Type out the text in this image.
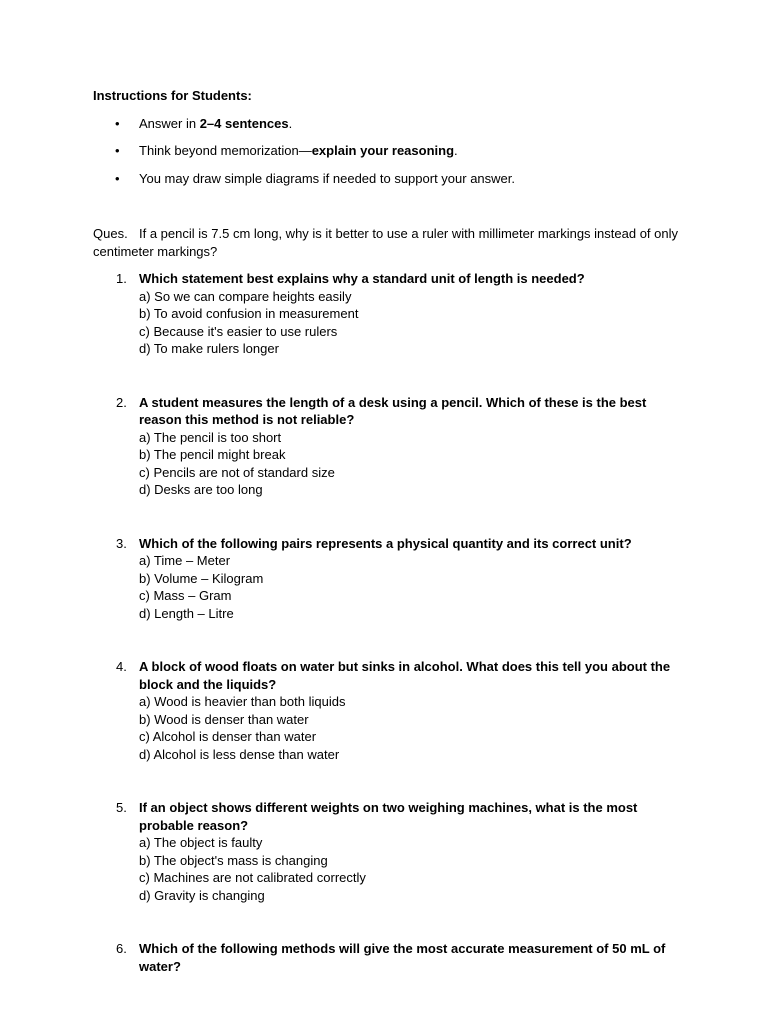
Instructions for Students:

• Answer in 2–4 sentences.
• Think beyond memorization—explain your reasoning.
• You may draw simple diagrams if needed to support your answer.
Ques. If a pencil is 7.5 cm long, why is it better to use a ruler with millimeter markings instead of only centimeter markings?
1. Which statement best explains why a standard unit of length is needed?
a) So we can compare heights easily
b) To avoid confusion in measurement
c) Because it's easier to use rulers
d) To make rulers longer
2. A student measures the length of a desk using a pencil. Which of these is the best reason this method is not reliable?
a) The pencil is too short
b) The pencil might break
c) Pencils are not of standard size
d) Desks are too long
3. Which of the following pairs represents a physical quantity and its correct unit?
a) Time – Meter
b) Volume – Kilogram
c) Mass – Gram
d) Length – Litre
4. A block of wood floats on water but sinks in alcohol. What does this tell you about the block and the liquids?
a) Wood is heavier than both liquids
b) Wood is denser than water
c) Alcohol is denser than water
d) Alcohol is less dense than water
5. If an object shows different weights on two weighing machines, what is the most probable reason?
a) The object is faulty
b) The object's mass is changing
c) Machines are not calibrated correctly
d) Gravity is changing
6. Which of the following methods will give the most accurate measurement of 50 mL of water?
